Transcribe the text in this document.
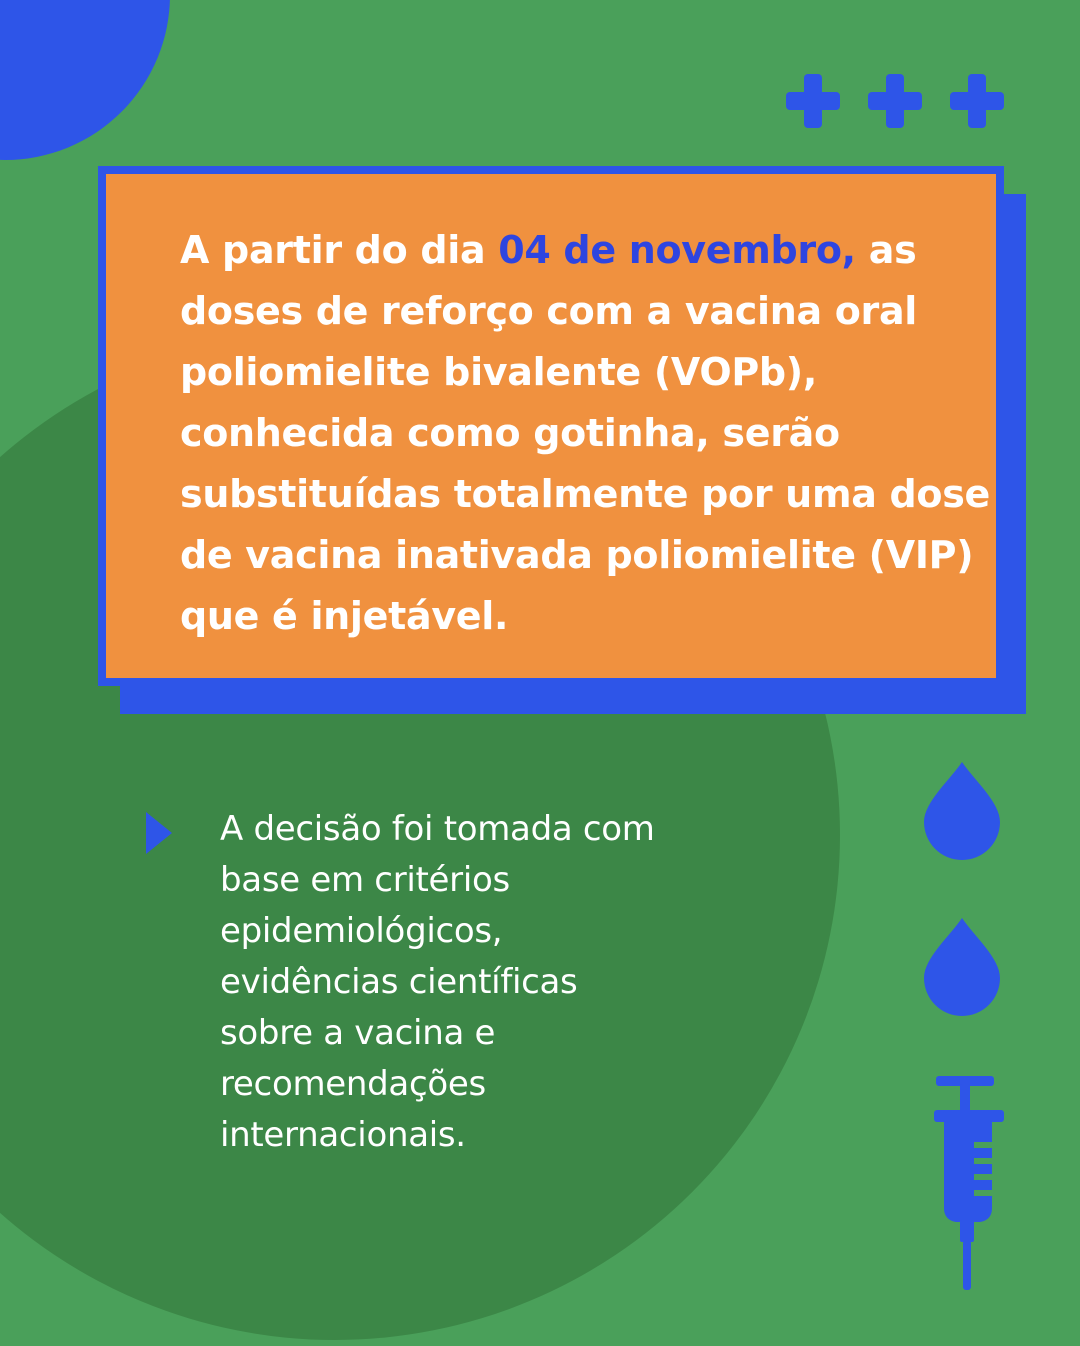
A partir do dia 04 de novembro, as doses de reforço com a vacina oral poliomielite bivalente (VOPb), conhecida como gotinha, serão substituídas totalmente por uma dose de vacina inativada poliomielite (VIP) que é injetável.

A decisão foi tomada com base em critérios epidemiológicos, evidências científicas sobre a vacina e recomendações internacionais.
